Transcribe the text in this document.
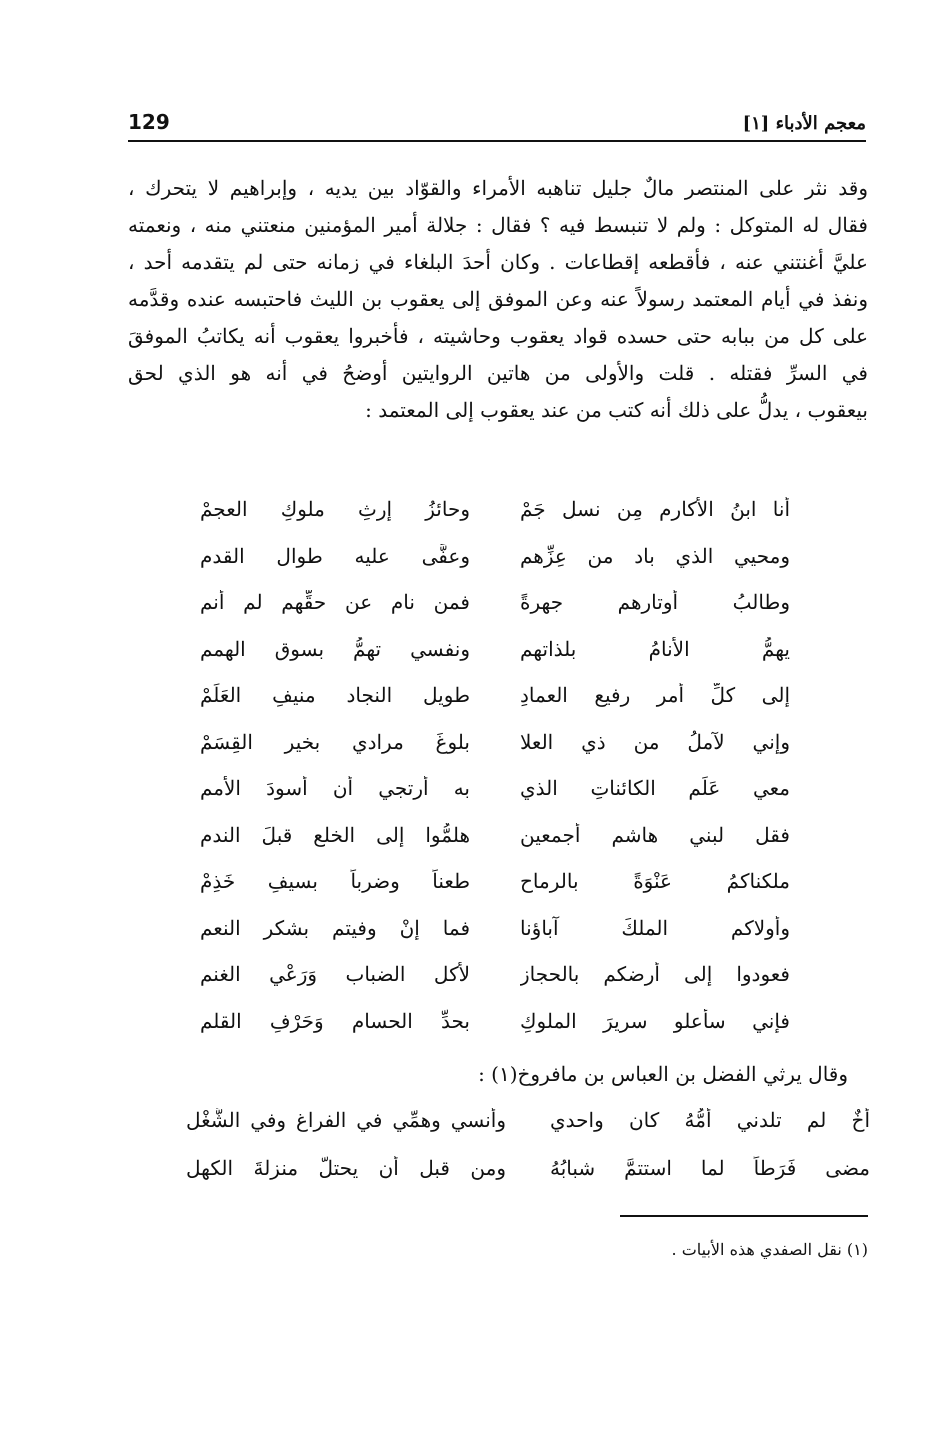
129	معجم الأدباء [١]
وقد نثر على المنتصر مالٌ جليل تناهبه الأمراء والقوّاد بين يديه ، وإبراهيم لا يتحرك ،
فقال له المتوكل : ولم لا تنبسط فيه ؟ فقال : جلالة أمير المؤمنين منعتني منه ، ونعمته
عليَّ أغنتني عنه ، فأقطعه إقطاعات . وكان أحدَ البلغاء في زمانه حتى لم يتقدمه أحد ،
ونفذ في أيام المعتمد رسولاً عنه وعن الموفق إلى يعقوب بن الليث فاحتبسه عنده وقدَّمه
على كل من ببابه حتى حسده قواد يعقوب وحاشيته ، فأخبروا يعقوب أنه يكاتبُ الموفقَ
في السرِّ فقتله . قلت والأولى من هاتين الروايتين أوضحُ في أنه هو الذي لحق
بيعقوب ، يدلُّ على ذلك أنه كتب من عند يعقوب إلى المعتمد :
أنا ابنُ الأكارمِ مِن نسلِ جَمْ
وحائزُ إرثِ ملوكِ العجمْ
ومحيي الذي باد من عِزِّهم
وعفَّى عليه طوال القدم
وطالبُ أوتارهم جهرةً
فمن نام عن حقِّهم لم أنم
يهمُّ الأنامُ بلذاتهم
ونفسي تهمُّ بسوقِ الهمم
إلى كلِّ أمرٍ رفيعِ العمادِ
طويلِ النجاد منيفِ العَلَمْ
وإني لآملُ من ذي العلا
بلوغَ مرادي بخيرِ القِسَمْ
معي عَلَم الكائناتِ الذي
به أرتجي أن أسودَ الأمم
فقل لبني هاشمٍ أجمعين
هلمُّوا إلى الخلع قبلَ الندم
ملكناكمُ عَنْوَةً بالرماح
طعناً وضرباً بسيفِ خَذِمْ
وأولاكم الملكَ آباؤنا
فما إنْ وفيتم بشكرِ النعم
فعودوا إلى أرضكم بالحجازِ
لأكلِ الضباب وَرَعْيِ الغنم
فإني سأعلو سريرَ الملوكِ
بحدِّ الحسام وَحَرْفِ القلم
وقال يرثي الفضل بن العباس بن مافروخ(١) :
أخٌ لم تلدني أمُّهُ كان واحدي
وأُنسي وهمِّي في الفراغ وفي الشُّغْلِ
مضى فَرَطاً لما استتمَّ شبابُهُ
ومن قبلِ أن يحتلَّ منزلةَ الكهلِ
(١) نقل الصفدي هذه الأبيات .
